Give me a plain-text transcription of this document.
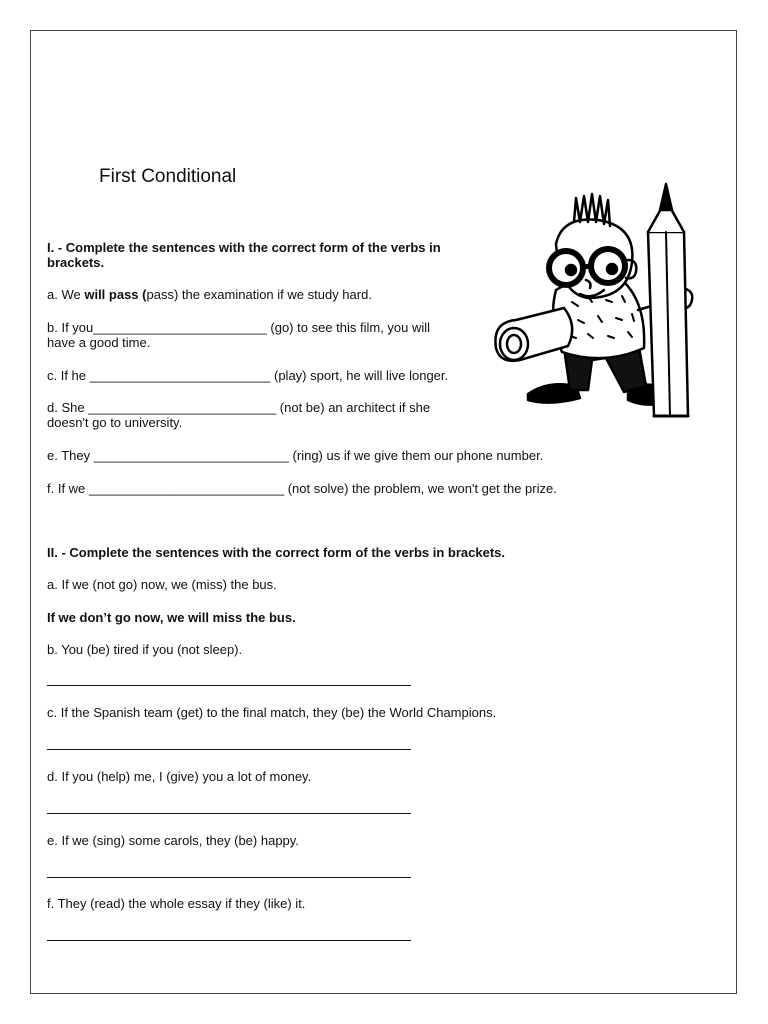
First Conditional
I. - Complete the sentences with the correct form of the verbs in
brackets.
a. We will pass (pass) the examination if we study hard.
b. If you________________________ (go) to see this film, you will
have a good time.
c. If he _________________________ (play) sport, he will live longer.
d. She __________________________ (not be) an architect if she
doesn't go to university.
e. They ___________________________ (ring) us if we give them our phone number.
f. If we ___________________________ (not solve) the problem, we won't get the prize.
II. - Complete the sentences with the correct form of the verbs in brackets.
a. If we (not go) now, we (miss) the bus.
If we don’t go now, we will miss the bus.
b. You (be) tired if you (not sleep).
c. If the Spanish team (get) to the final match, they (be) the World Champions.
d. If you (help) me, I (give) you a lot of money.
e. If we (sing) some carols, they (be) happy.
f. They (read) the whole essay if they (like) it.
